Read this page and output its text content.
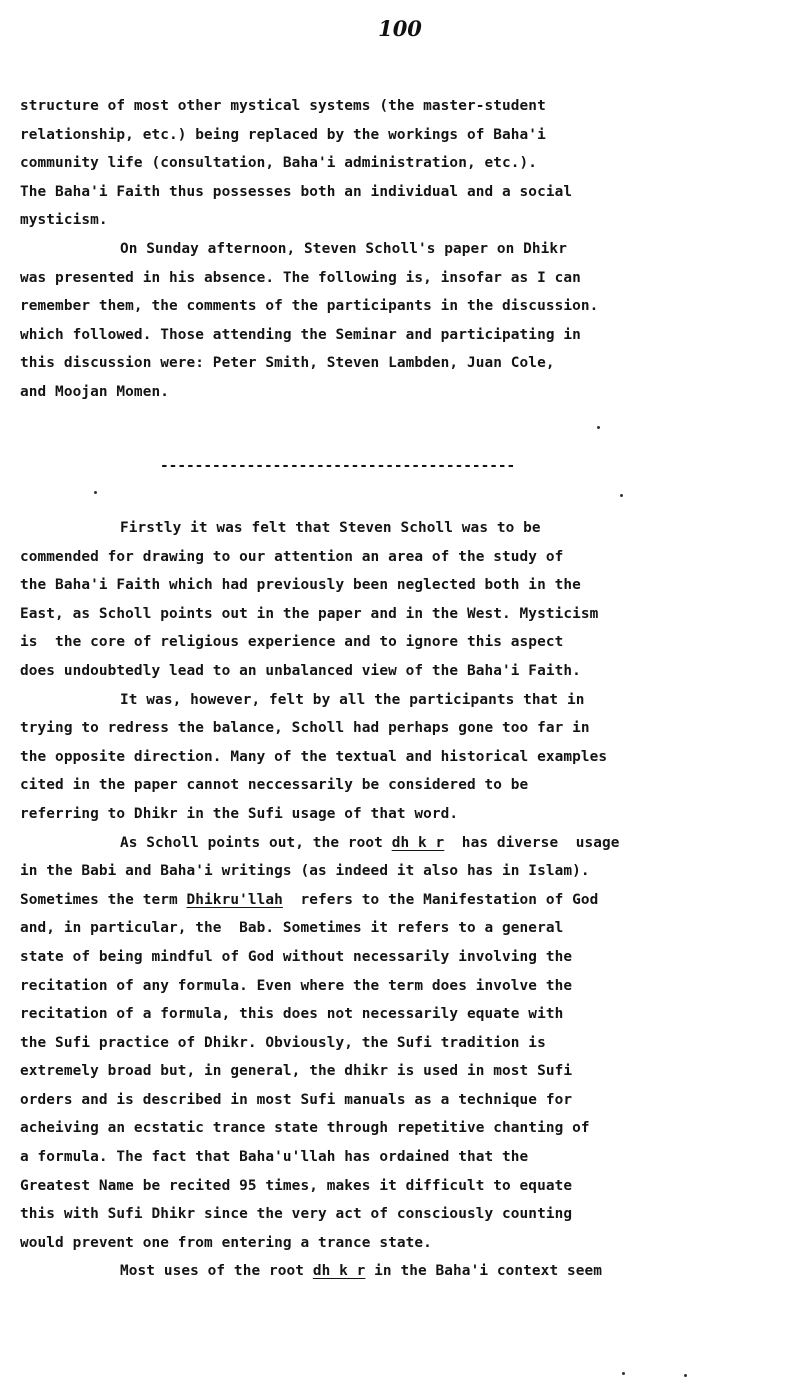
100
structure of most other mystical systems (the master-student
relationship, etc.) being replaced by the workings of Baha'i
community life (consultation, Baha'i administration, etc.).
The Baha'i Faith thus possesses both an individual and a social
mysticism.
On Sunday afternoon, Steven Scholl's paper on Dhikr
was presented in his absence. The following is, insofar as I can
remember them, the comments of the participants in the discussion.
which followed. Those attending the Seminar and participating in
this discussion were: Peter Smith, Steven Lambden, Juan Cole,
and Moojan Momen.
-----------------------------------------
Firstly it was felt that Steven Scholl was to be
commended for drawing to our attention an area of the study of
the Baha'i Faith which had previously been neglected both in the
East, as Scholl points out in the paper and in the West. Mysticism
is  the core of religious experience and to ignore this aspect
does undoubtedly lead to an unbalanced view of the Baha'i Faith.
It was, however, felt by all the participants that in
trying to redress the balance, Scholl had perhaps gone too far in
the opposite direction. Many of the textual and historical examples
cited in the paper cannot neccessarily be considered to be
referring to Dhikr in the Sufi usage of that word.
As Scholl points out, the root dh k r  has diverse  usage
in the Babi and Baha'i writings (as indeed it also has in Islam).
Sometimes the term Dhikru'llah  refers to the Manifestation of God
and, in particular, the  Bab. Sometimes it refers to a general
state of being mindful of God without necessarily involving the
recitation of any formula. Even where the term does involve the
recitation of a formula, this does not necessarily equate with
the Sufi practice of Dhikr. Obviously, the Sufi tradition is
extremely broad but, in general, the dhikr is used in most Sufi
orders and is described in most Sufi manuals as a technique for
acheiving an ecstatic trance state through repetitive chanting of
a formula. The fact that Baha'u'llah has ordained that the
Greatest Name be recited 95 times, makes it difficult to equate
this with Sufi Dhikr since the very act of consciously counting
would prevent one from entering a trance state.
Most uses of the root dh k r in the Baha'i context seem
